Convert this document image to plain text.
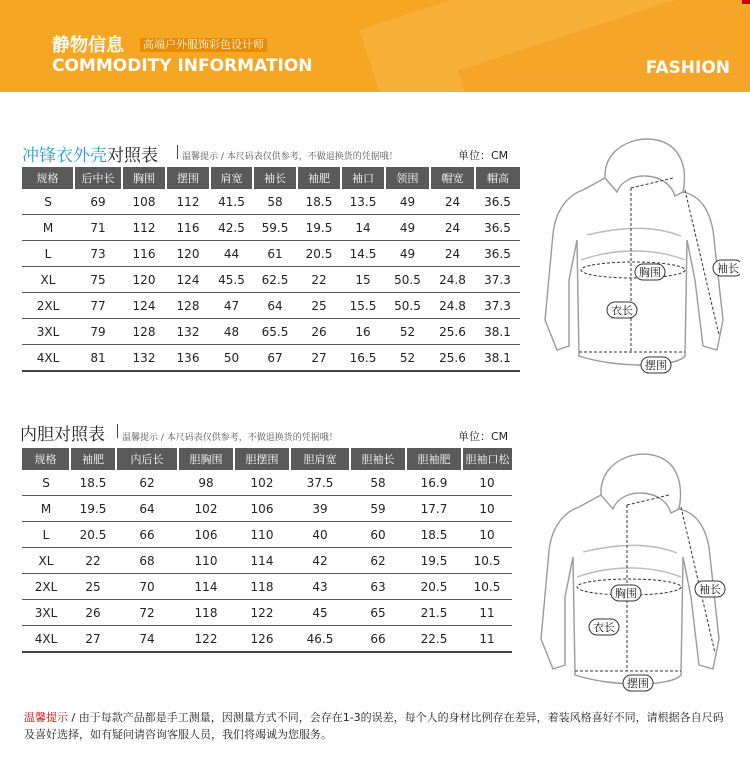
静物信息 高端户外服饰彩色设计师
COMMODITY INFORMATION	FASHION
冲锋衣外壳对照表	温馨提示 / 本尺码表仅供参考，不做退换货的凭据哦！	单位：CM
规格	后中长	胸围	摆围	肩宽	袖长	袖肥	袖口	领围	帽宽	帽高
S	69	108	112	41.5	58	18.5	13.5	49	24	36.5
M	71	112	116	42.5	59.5	19.5	14	49	24	36.5
L	73	116	120	44	61	20.5	14.5	49	24	36.5
XL	75	120	124	45.5	62.5	22	15	50.5	24.8	37.3
2XL	77	124	128	47	64	25	15.5	50.5	24.8	37.3
3XL	79	128	132	48	65.5	26	16	52	25.6	38.1
4XL	81	132	136	50	67	27	16.5	52	25.6	38.1
胸围	袖长
衣长
摆围
内胆对照表 温馨提示 / 本尺码表仅供参考，不做退换货的凭据哦！	单位：CM
规格	袖肥	内后长	胆胸围	胆摆围	胆肩宽	胆袖长	胆袖肥	胆袖口松
S	18.5	62	98	102	37.5	58	16.9	10
M	19.5	64	102	106	39	59	17.7	10
L	20.5	66	106	110	40	60	18.5	10
XL	22	68	110	114	42	62	19.5	10.5
2XL	25	70	114	118	43	63	20.5	10.5
3XL	26	72	118	122	45	65	21.5	11
4XL	27	74	122	126	46.5	66	22.5	11
胸围	袖长
衣长
摆围
温馨提示 / 由于每款产品都是手工测量，因测量方式不同，会存在1-3的误差，每个人的身材比例存在差异，着装风格喜好不同，请根据各自尺码及喜好选择，如有疑问请咨询客服人员，我们将竭诚为您服务。
